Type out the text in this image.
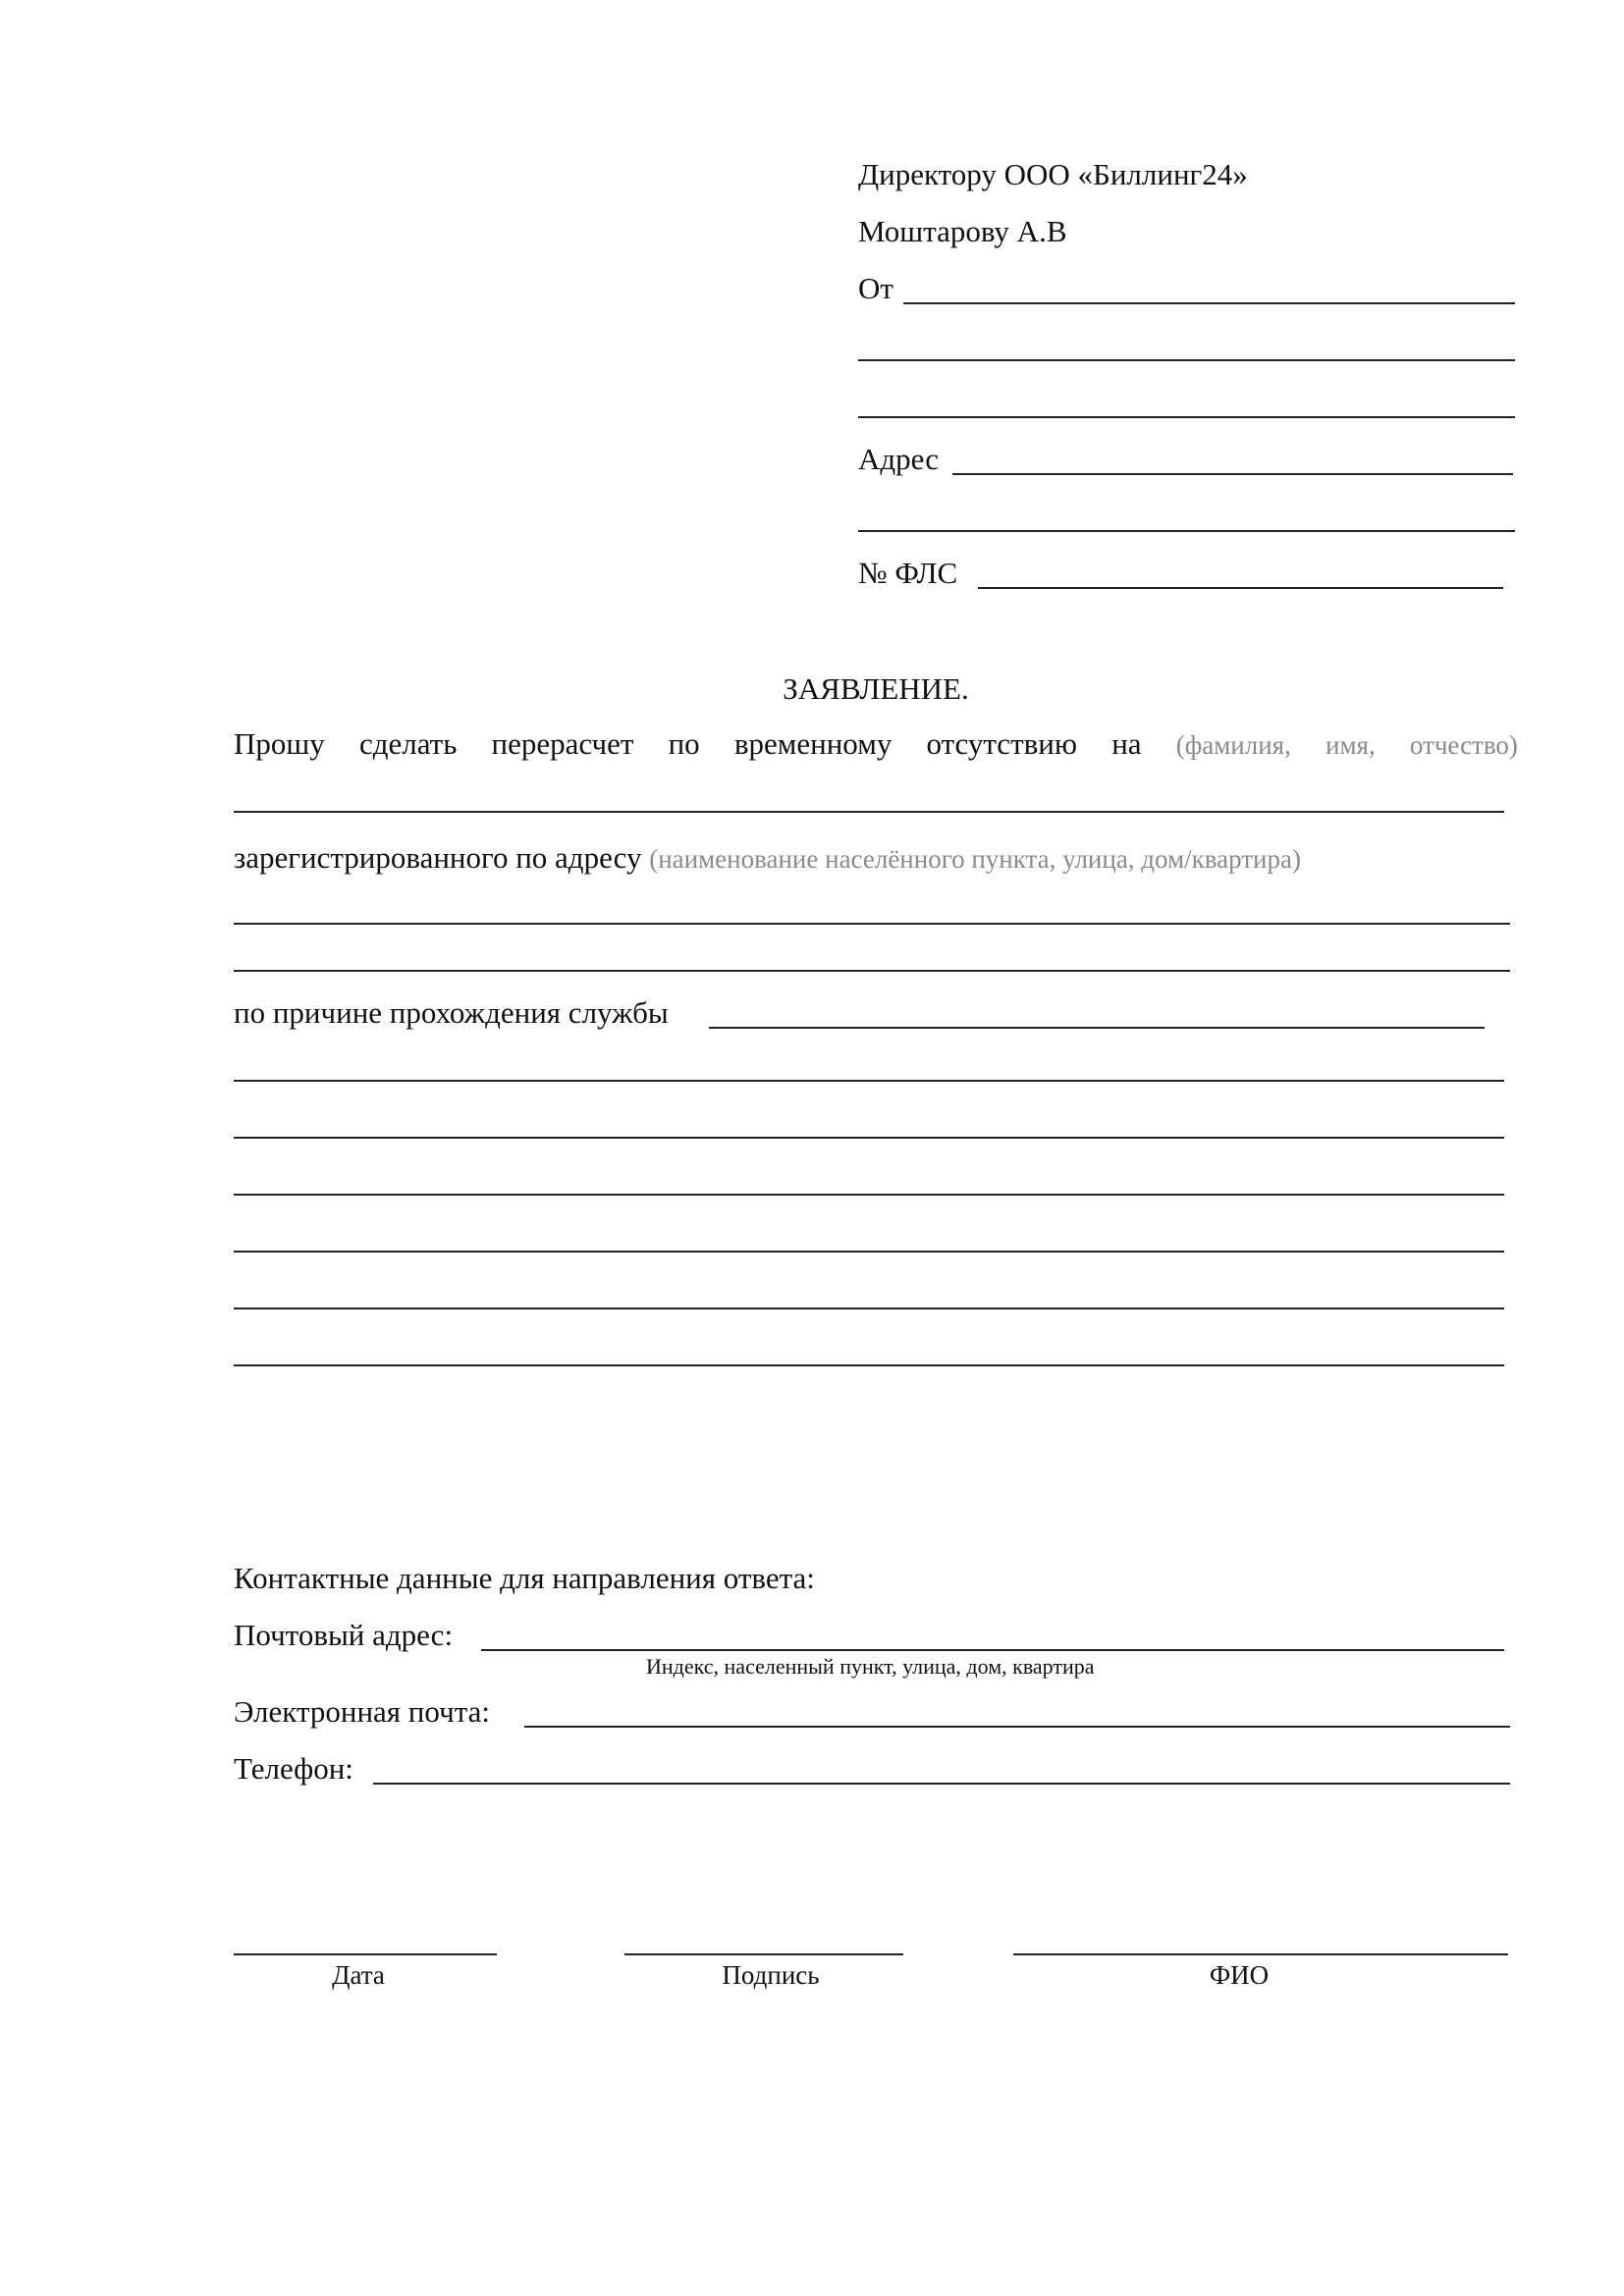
Директору ООО «Биллинг24»
Моштарову А.В
От
Адрес
№ ФЛС
ЗАЯВЛЕНИЕ.
Прошу сделать перерасчет по временному отсутствию на (фамилия, имя, отчество)
зарегистрированного по адресу (наименование населённого пункта, улица, дом/квартира)
по причине прохождения службы
Контактные данные для направления ответа:
Почтовый адрес:
Индекс, населенный пункт, улица, дом, квартира
Электронная почта:
Телефон:
Дата	Подпись	ФИО
